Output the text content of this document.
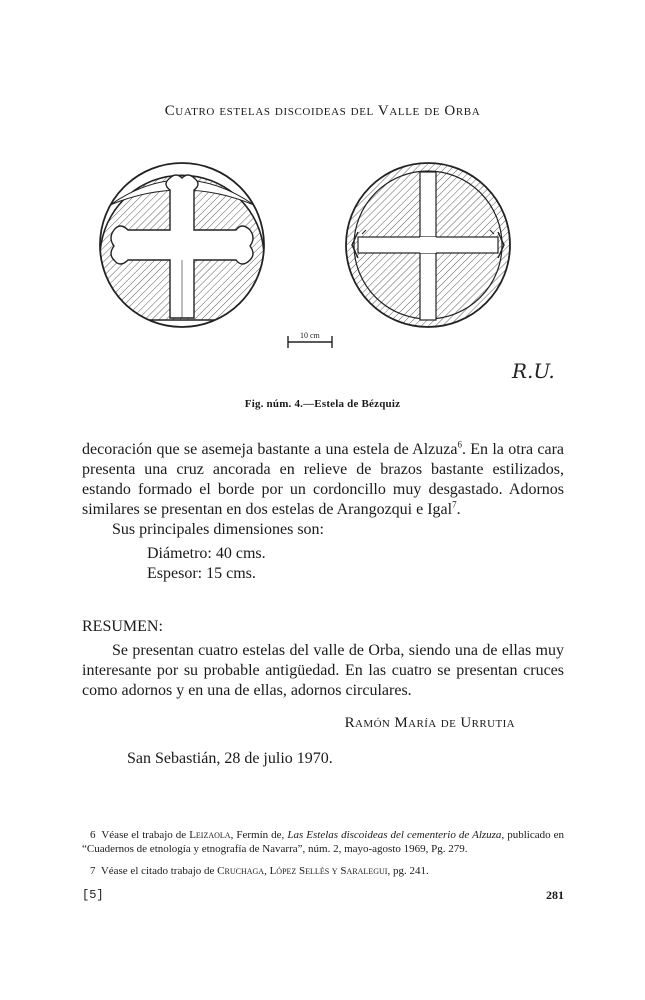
Cuatro estelas discoideas del Valle de Orba
10 cm
R.U.
Fig. núm. 4.—Estela de Bézquiz
decoración que se asemeja bastante a una estela de Alzuza$^6$. En la otra cara presenta una cruz ancorada en relieve de brazos bastante estilizados, estando formado el borde por un cordoncillo muy desgastado. Adornos similares se presentan en dos estelas de Arangozqui e Igal$^7$.
Sus principales dimensiones son:
Diámetro: 40 cms.
Espesor: 15 cms.
RESUMEN:
Se presentan cuatro estelas del valle de Orba, siendo una de ellas muy interesante por su probable antigüedad. En las cuatro se presentan cruces como adornos y en una de ellas, adornos circulares.
Ramón María de Urrutia
San Sebastián, 28 de julio 1970.
6 Véase el trabajo de Leizaola, Fermín de, Las Estelas discoideas del cementerio de Alzuza, publicado en “Cuadernos de etnología y etnografía de Navarra”, núm. 2, mayo-agosto 1969, Pg. 279.
7 Véase el citado trabajo de Cruchaga, López Sellés y Saralegui, pg. 241.
[5]	281
